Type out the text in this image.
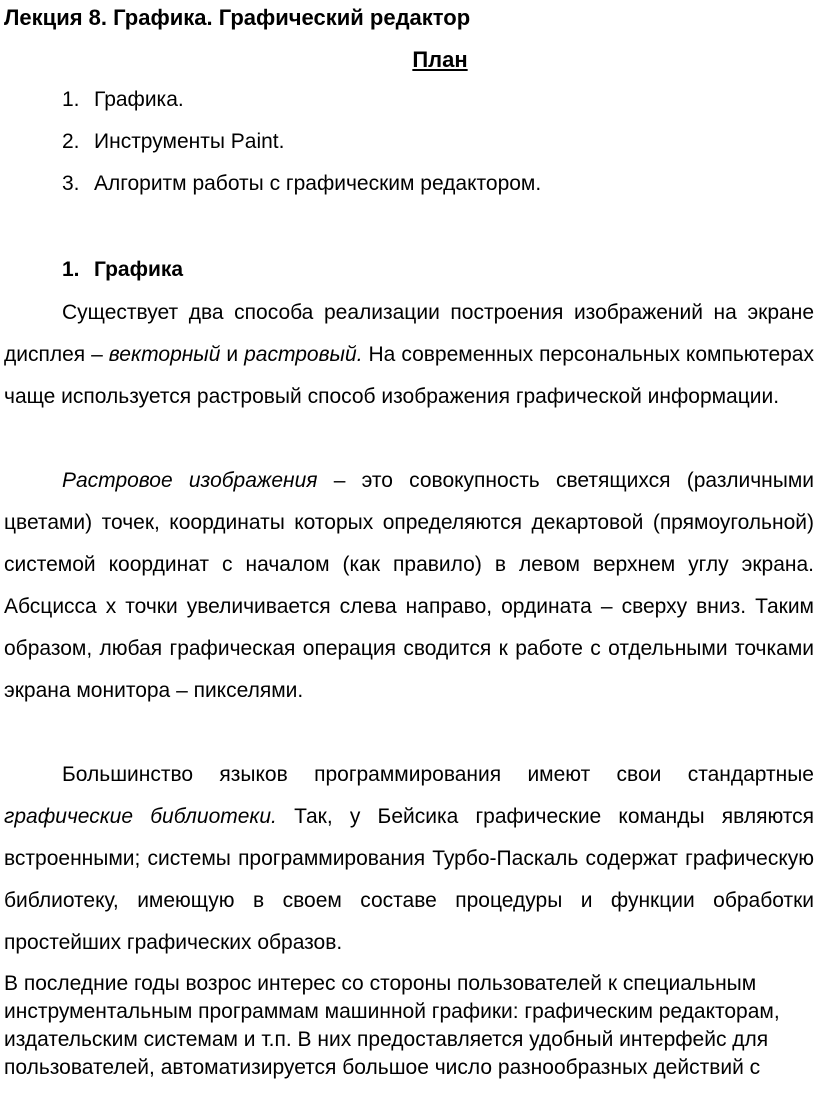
Лекция 8. Графика. Графический редактор
План
1. Графика.
2. Инструменты Paint.
3. Алгоритм работы с графическим редактором.
1. Графика

Существует два способа реализации построения изображений на экране дисплея – векторный и растровый. На современных персональных компьютерах чаще используется растровый способ изображения графической информации.

Растровое изображения – это совокупность светящихся (различными цветами) точек, координаты которых определяются декартовой (прямоугольной) системой координат с началом (как правило) в левом верхнем углу экрана. Абсцисса x точки увеличивается слева направо, ордината – сверху вниз. Таким образом, любая графическая операция сводится к работе с отдельными точками экрана монитора – пикселями.

Большинство языков программирования имеют свои стандартные графические библиотеки. Так, у Бейсика графические команды являются встроенными; системы программирования Турбо-Паскаль содержат графическую библиотеку, имеющую в своем составе процедуры и функции обработки простейших графических образов.

В последние годы возрос интерес со стороны пользователей к специальным инструментальным программам машинной графики: графическим редакторам, издательским системам и т.п. В них предоставляется удобный интерфейс для пользователей, автоматизируется большое число разнообразных действий с
